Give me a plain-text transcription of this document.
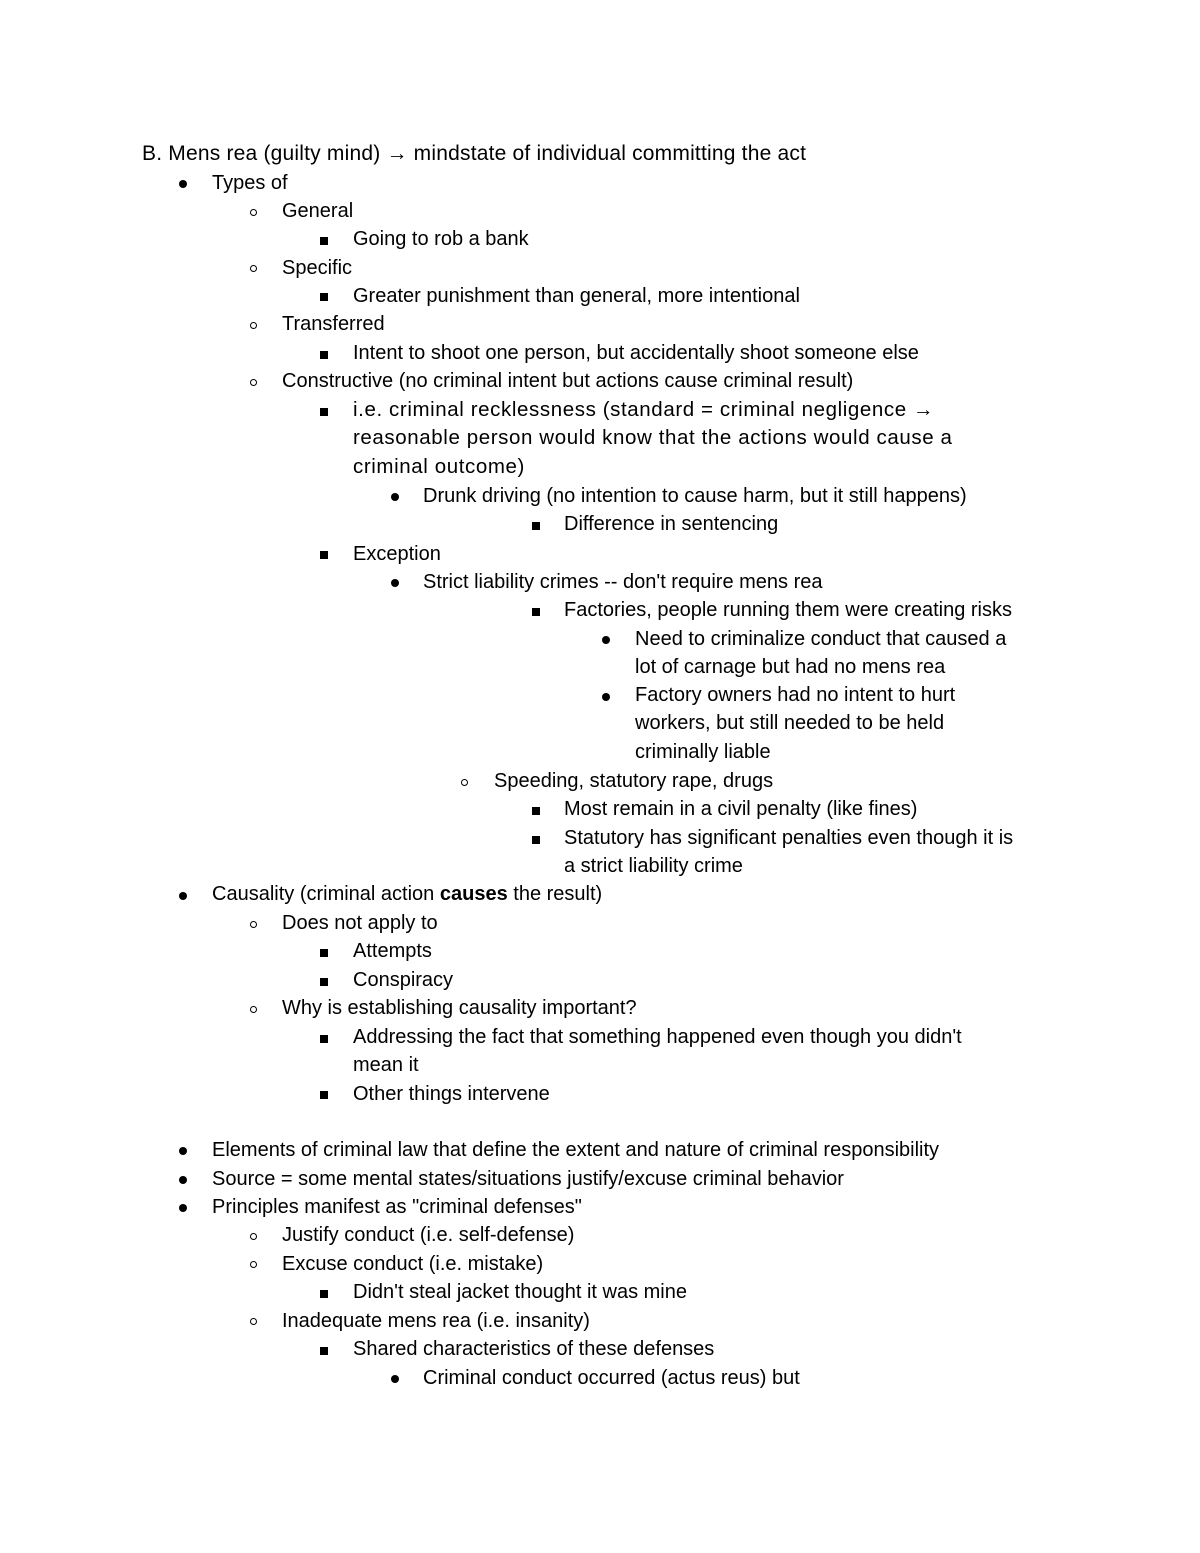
B. Mens rea (guilty mind) → mindstate of individual committing the act
Types of
General
Going to rob a bank
Specific
Greater punishment than general, more intentional
Transferred
Intent to shoot one person, but accidentally shoot someone else
Constructive (no criminal intent but actions cause criminal result)
i.e. criminal recklessness (standard = criminal negligence →
reasonable person would know that the actions would cause a
criminal outcome)
Drunk driving (no intention to cause harm, but it still happens)
Difference in sentencing
Exception
Strict liability crimes -- don't require mens rea
Factories, people running them were creating risks
Need to criminalize conduct that caused a
lot of carnage but had no mens rea
Factory owners had no intent to hurt
workers, but still needed to be held
criminally liable
Speeding, statutory rape, drugs
Most remain in a civil penalty (like fines)
Statutory has significant penalties even though it is
a strict liability crime
Causality (criminal action causes the result)
Does not apply to
Attempts
Conspiracy
Why is establishing causality important?
Addressing the fact that something happened even though you didn't
mean it
Other things intervene
Elements of criminal law that define the extent and nature of criminal responsibility
Source = some mental states/situations justify/excuse criminal behavior
Principles manifest as "criminal defenses"
Justify conduct (i.e. self-defense)
Excuse conduct (i.e. mistake)
Didn't steal jacket thought it was mine
Inadequate mens rea (i.e. insanity)
Shared characteristics of these defenses
Criminal conduct occurred (actus reus) but
